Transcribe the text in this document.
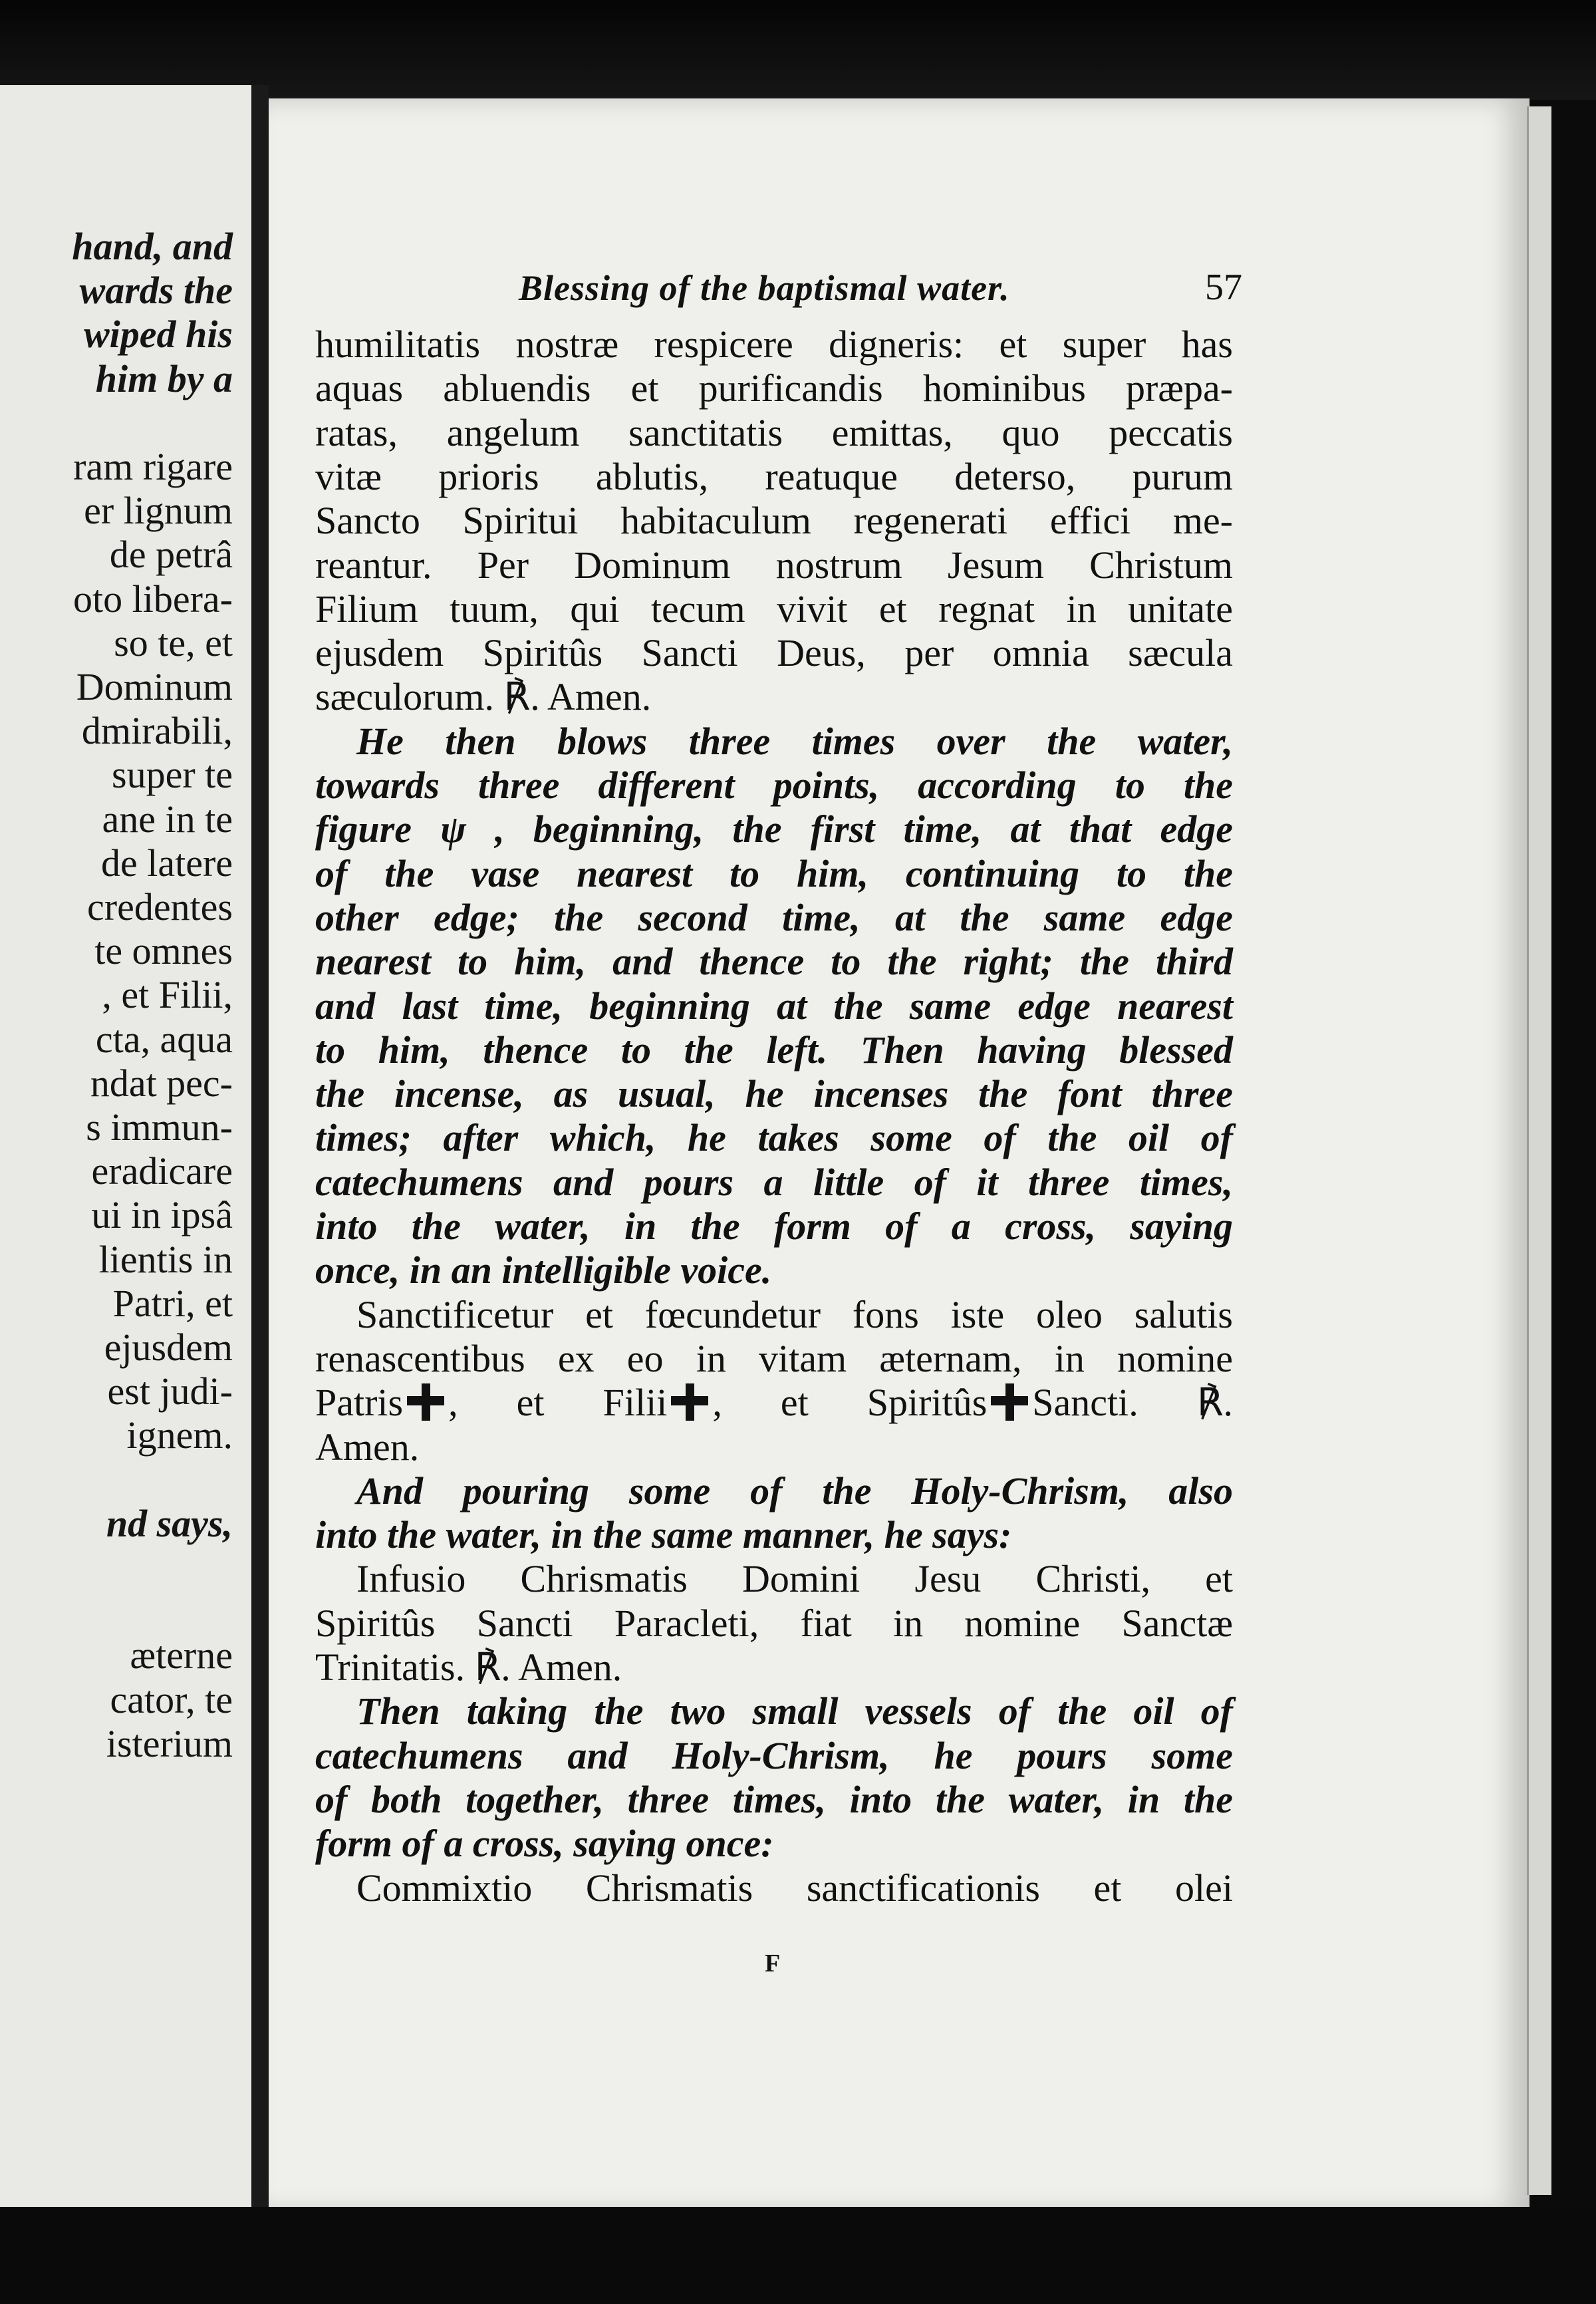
hand, and
wards the
wiped his
him by a
ram rigare
er lignum
de petrâ
oto libera-
so te, et
Dominum
dmirabili,
super te
ane in te
de latere
credentes
te omnes
, et Filii,
cta, aqua
ndat pec-
s immun-
eradicare
ui in ipsâ
lientis in
Patri, et
ejusdem
est judi-
ignem.
nd says,
æterne
cator, te
isterium
Blessing of the baptismal water.	57
humilitatis nostræ respicere digneris: et super has
aquas abluendis et purificandis hominibus præpa-
ratas, angelum sanctitatis emittas, quo peccatis
vitæ prioris ablutis, reatuque deterso, purum
Sancto Spiritui habitaculum regenerati effici me-
reantur. Per Dominum nostrum Jesum Christum
Filium tuum, qui tecum vivit et regnat in unitate
ejusdem Spiritûs Sancti Deus, per omnia sæcula
sæculorum. ℟. Amen.
He then blows three times over the water,
towards three different points, according to the
figure ψ , beginning, the first time, at that edge
of the vase nearest to him, continuing to the
other edge; the second time, at the same edge
nearest to him, and thence to the right; the third
and last time, beginning at the same edge nearest
to him, thence to the left. Then having blessed
the incense, as usual, he incenses the font three
times; after which, he takes some of the oil of
catechumens and pours a little of it three times,
into the water, in the form of a cross, saying
once, in an intelligible voice.
Sanctificetur et fœcundetur fons iste oleo salutis
renascentibus ex eo in vitam æternam, in nomine
Patris , et Filii , et Spiritûs Sancti. ℟.
Amen.
And pouring some of the Holy-Chrism, also
into the water, in the same manner, he says:
Infusio Chrismatis Domini Jesu Christi, et
Spiritûs Sancti Paracleti, fiat in nomine Sanctæ
Trinitatis. ℟. Amen.
Then taking the two small vessels of the oil of
catechumens and Holy-Chrism, he pours some
of both together, three times, into the water, in the
form of a cross, saying once:
Commixtio Chrismatis sanctificationis et olei
F
